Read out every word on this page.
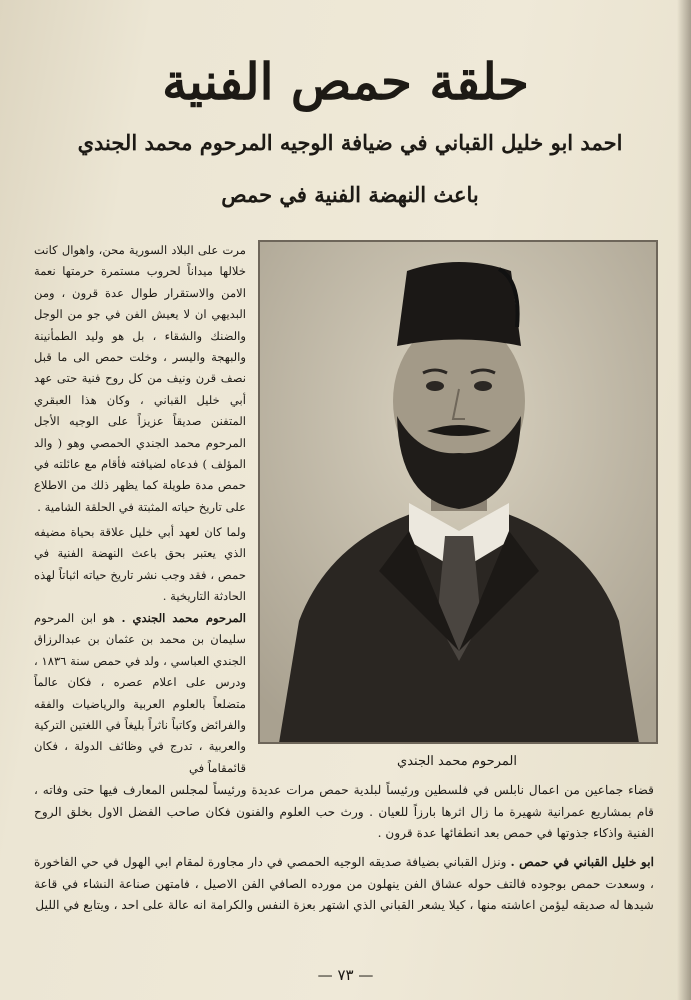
حلقة حمص الفنية
احمد ابو خليل القباني في ضيافة الوجيه المرحوم محمد الجندي
باعث النهضة الفنية في حمص
المرحوم محمد الجندي

مرت على البلاد السورية محن، واهوال كانت خلالها ميداناً لحروب مستمرة حرمتها نعمة الامن والاستقرار طوال عدة قرون ، ومن البديهي ان لا يعيش الفن في جو من الوجل والضنك والشقاء ، بل هو وليد الطمأنينة والبهجة واليسر ، وخلت حمص الى ما قبل نصف قرن ونيف من كل روح فنية حتى عهد أبي خليل القباني ، وكان هذا العبقري المتفنن صديقاً عزيزاً على الوجيه الأجل المرحوم محمد الجندي الحمصي وهو ( والد المؤلف ) فدعاه لضيافته فأقام مع عائلته في حمص مدة طويلة كما يظهر ذلك من الاطلاع على تاريخ حياته المثبتة في الحلقة الشامية .

ولما كان لعهد أبي خليل علاقة بحياة مضيفه الذي يعتبر بحق باعث النهضة الفنية في حمص ، فقد وجب نشر تاريخ حياته اثباتاً لهذه الحادثة التاريخية .

المرحوم محمد الجندي . هو ابن المرحوم سليمان بن محمد بن عثمان بن عبدالرزاق الجندي العباسي ، ولد في حمص سنة ١٨٣٦ ، ودرس على اعلام عصره ، فكان عالماً متضلعاً بالعلوم العربية والرياضيات والفقه والفرائض وكاتباً ناثراً بليغاً في اللغتين التركية والعربية ، تدرج في وظائف الدولة ، فكان قائمقاماً في

قضاء جماعين من اعمال نابلس في فلسطين ورئيساً لبلدية حمص مرات عديدة ورئيساً لمجلس المعارف فيها حتى وفاته ، قام بمشاريع عمرانية شهيرة ما زال اثرها بارزاً للعيان . ورث حب العلوم والفنون فكان صاحب الفضل الاول بخلق الروح الفنية واذكاء جذوتها في حمص بعد انطفائها عدة قرون .

ابو خليل القباني في حمص . ونزل القباني بضيافة صديقه الوجيه الحمصي في دار مجاورة لمقام ابي الهول في حي الفاخورة ، وسعدت حمص بوجوده فالتف حوله عشاق الفن ينهلون من مورده الصافي الفن الاصيل ، فامتهن صناعة النشاء في قاعة شيدها له صديقه ليؤمن اعاشته منها ، كيلا يشعر القباني الذي اشتهر بعزة النفس والكرامة انه عالة على احد ، ويتابع في الليل

— ٧٣ —
